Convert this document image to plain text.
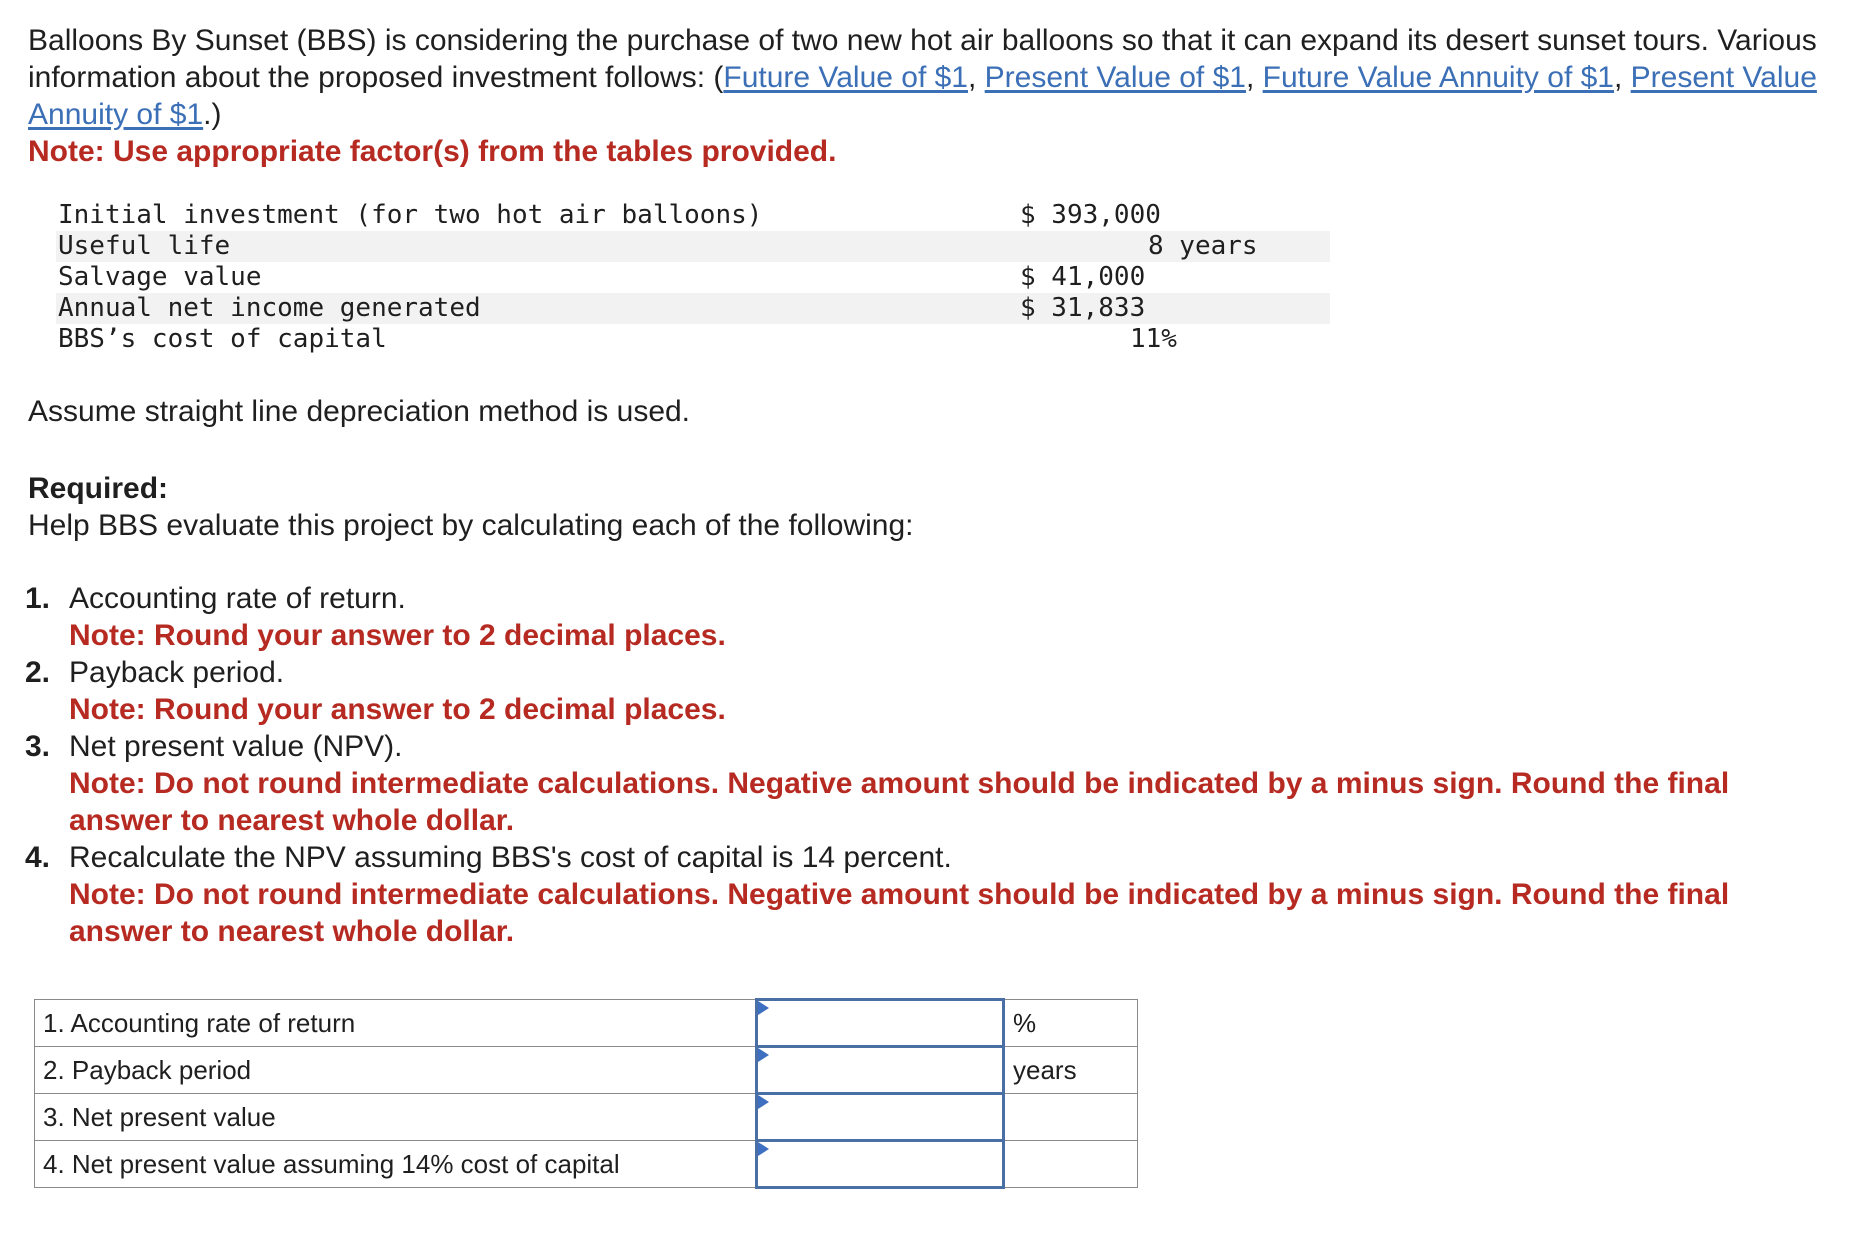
Balloons By Sunset (BBS) is considering the purchase of two new hot air balloons so that it can expand its desert sunset tours. Various information about the proposed investment follows: (Future Value of $1, Present Value of $1, Future Value Annuity of $1, Present Value Annuity of $1.)

Note: Use appropriate factor(s) from the tables provided.
Initial investment (for two hot air balloons)	$ 393,000
Useful life	8 years
Salvage value	$ 41,000
Annual net income generated	$ 31,833
BBS’s cost of capital	11%

Assume straight line depreciation method is used.

Required:

Help BBS evaluate this project by calculating each of the following:

1. Accounting rate of return.
Note: Round your answer to 2 decimal places.
2. Payback period.
Note: Round your answer to 2 decimal places.
3. Net present value (NPV).
Note: Do not round intermediate calculations. Negative amount should be indicated by a minus sign. Round the final answer to nearest whole dollar.
4. Recalculate the NPV assuming BBS's cost of capital is 14 percent.
Note: Do not round intermediate calculations. Negative amount should be indicated by a minus sign. Round the final answer to nearest whole dollar.
1. Accounting rate of return		%
2. Payback period		years
3. Net present value	

4. Net present value assuming 14% cost of capital	
